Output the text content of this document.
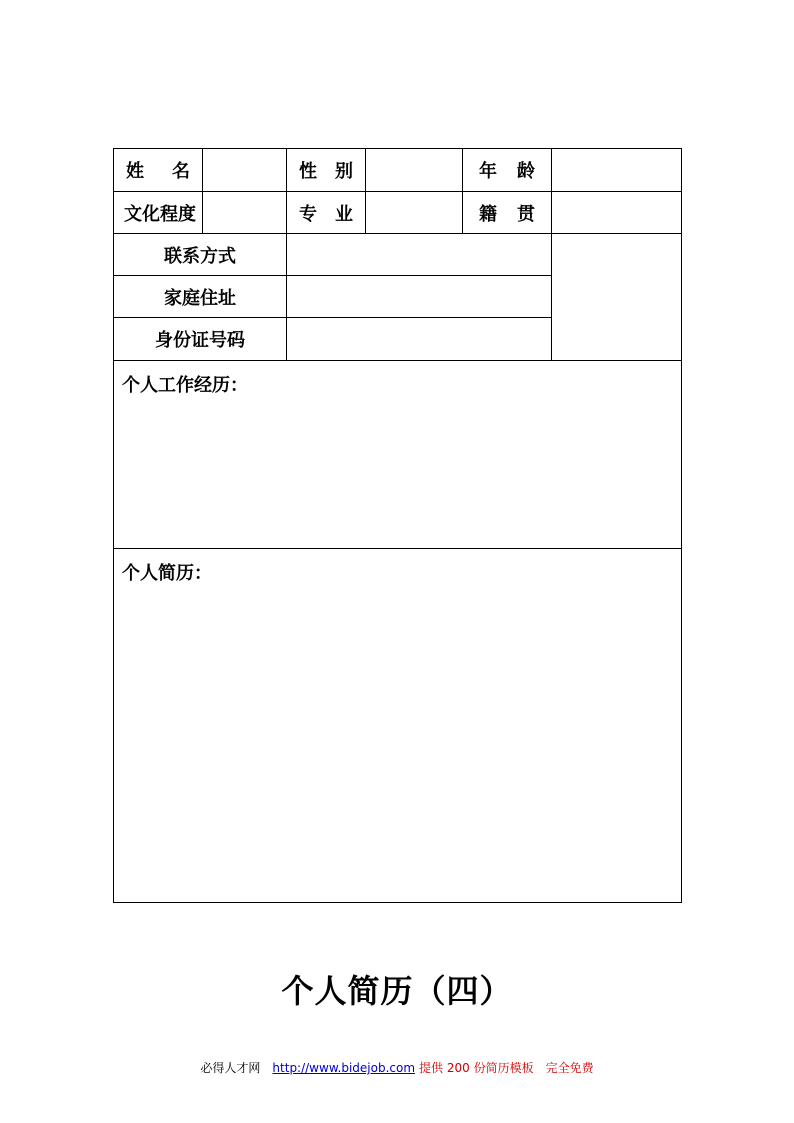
姓 名	性 别	年 龄
文化程度	专 业	籍 贯
联系方式
家庭住址
身份证号码
个人工作经历：
个人简历：
个人简历（四）
必得人才网 http://www.bidejob.com 提供 200 份简历模板 完全免费
